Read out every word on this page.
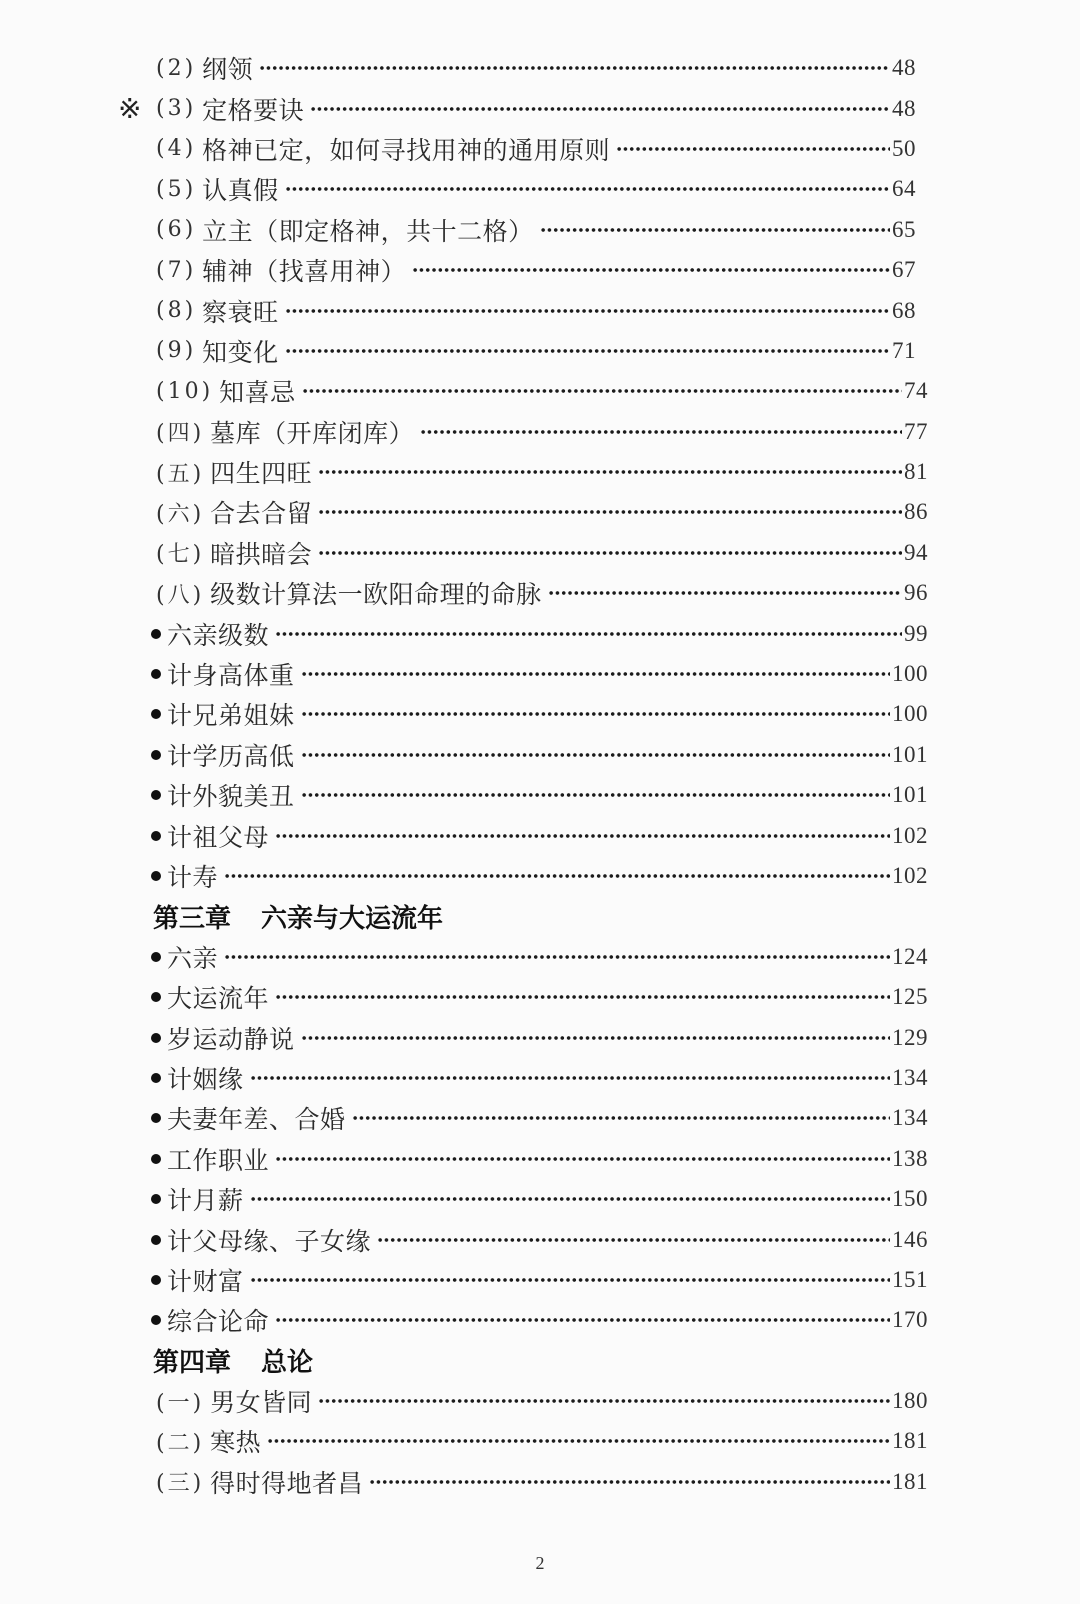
(2) 纲领	48
※ (3) 定格要诀	48
(4) 格神已定，如何寻找用神的通用原则	50
(5) 认真假	64
(6) 立主（即定格神，共十二格）	65
(7) 辅神（找喜用神）	67
(8) 察衰旺	68
(9) 知变化	71
(10) 知喜忌	74
(四) 墓库（开库闭库）	77
(五) 四生四旺	81
(六) 合去合留	86
(七) 暗拱暗会	94
(八) 级数计算法一欧阳命理的命脉	96
六亲级数	99
计身高体重	100
计兄弟姐妹	100
计学历高低	101
计外貌美丑	101
计祖父母	102
计寿	102
第三章 六亲与大运流年
六亲	124
大运流年	125
岁运动静说	129
计姻缘	134
夫妻年差、合婚	134
工作职业	138
计月薪	150
计父母缘、子女缘	146
计财富	151
综合论命	170
第四章 总论
(一) 男女皆同	180
(二) 寒热	181
(三) 得时得地者昌	181
2
